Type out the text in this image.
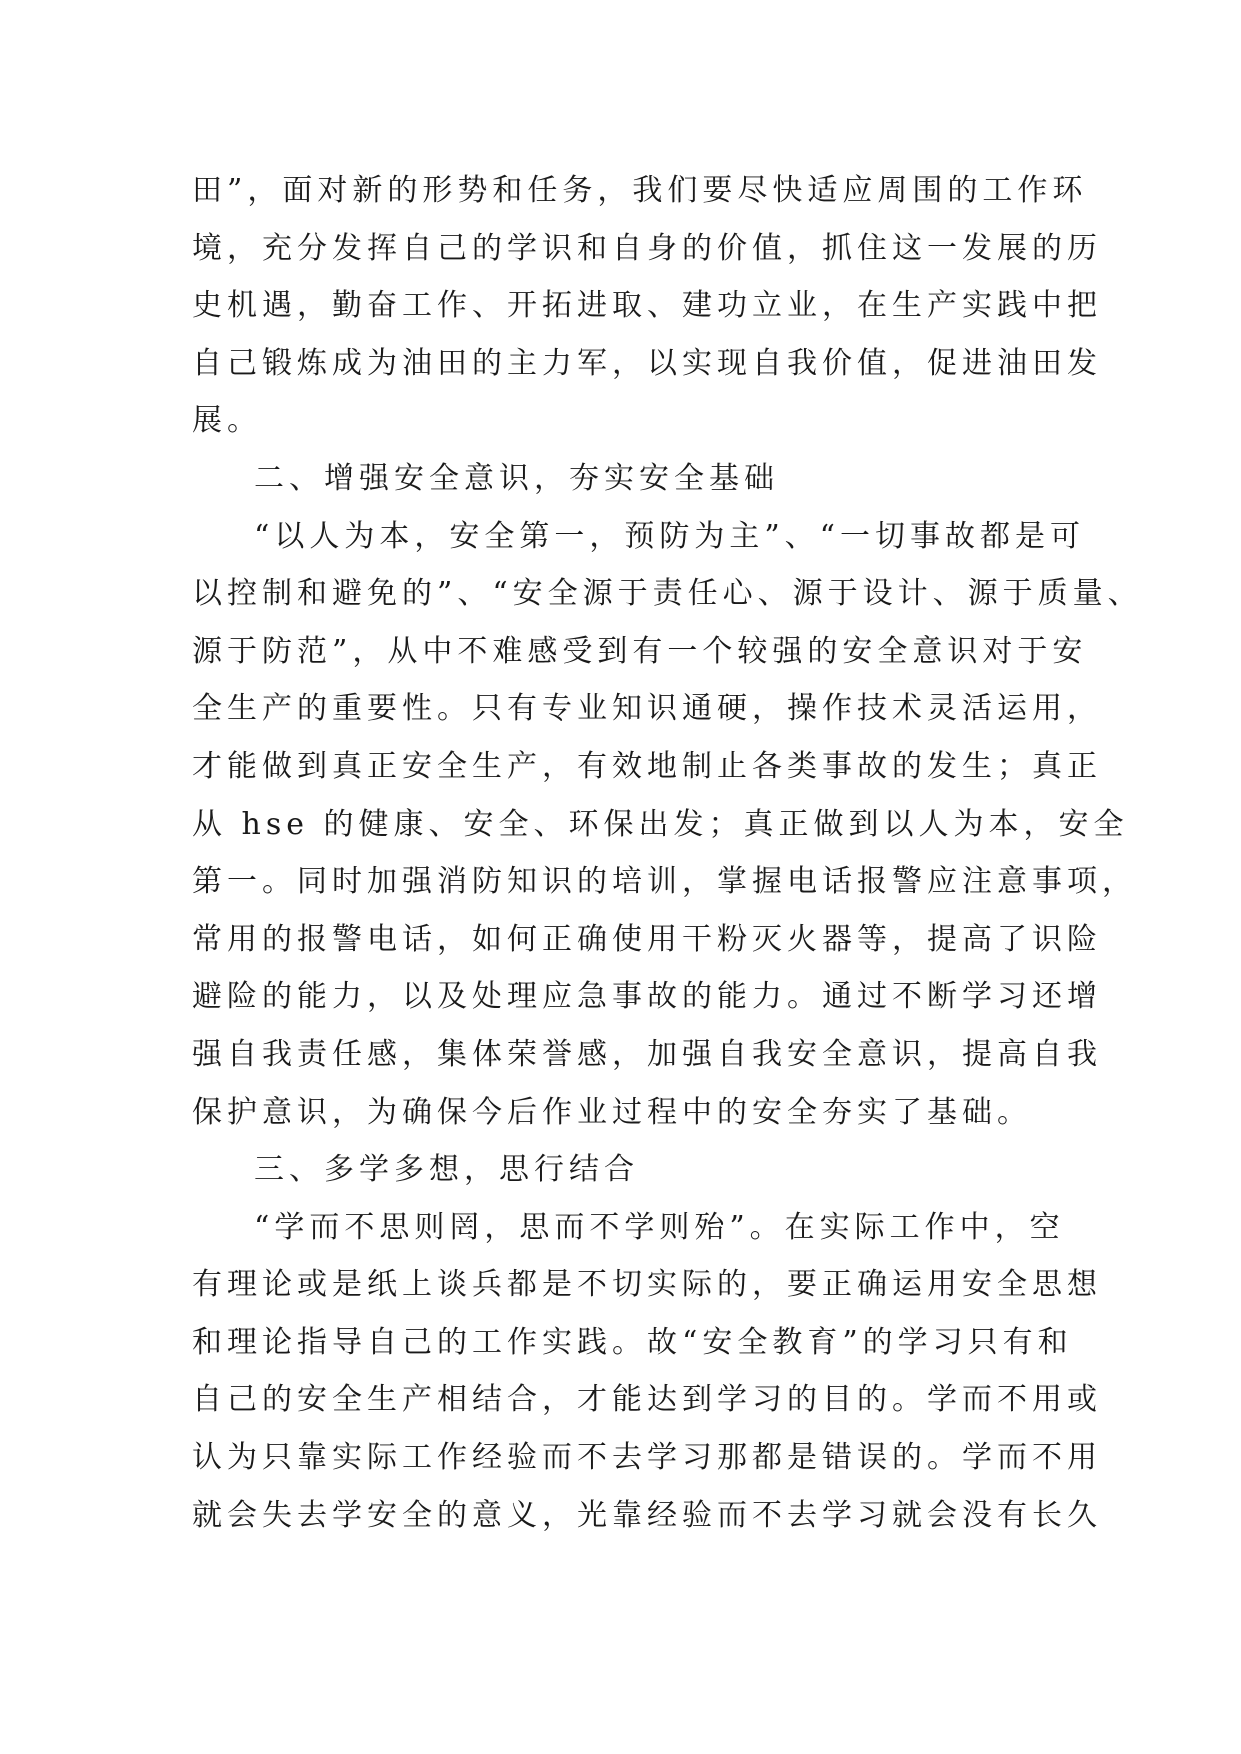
田”，面对新的形势和任务，我们要尽快适应周围的工作环
境，充分发挥自己的学识和自身的价值，抓住这一发展的历
史机遇，勤奋工作、开拓进取、建功立业，在生产实践中把
自己锻炼成为油田的主力军，以实现自我价值，促进油田发
展。
二、增强安全意识，夯实安全基础
“以人为本，安全第一，预防为主”、“一切事故都是可
以控制和避免的”、“安全源于责任心、源于设计、源于质量、
源于防范”，从中不难感受到有一个较强的安全意识对于安
全生产的重要性。只有专业知识通硬，操作技术灵活运用，
才能做到真正安全生产，有效地制止各类事故的发生；真正
从 hse 的健康、安全、环保出发；真正做到以人为本，安全
第一。同时加强消防知识的培训，掌握电话报警应注意事项，
常用的报警电话，如何正确使用干粉灭火器等，提高了识险
避险的能力，以及处理应急事故的能力。通过不断学习还增
强自我责任感，集体荣誉感，加强自我安全意识，提高自我
保护意识，为确保今后作业过程中的安全夯实了基础。
三、多学多想，思行结合
“学而不思则罔，思而不学则殆”。在实际工作中，空
有理论或是纸上谈兵都是不切实际的，要正确运用安全思想
和理论指导自己的工作实践。故“安全教育”的学习只有和
自己的安全生产相结合，才能达到学习的目的。学而不用或
认为只靠实际工作经验而不去学习那都是错误的。学而不用
就会失去学安全的意义，光靠经验而不去学习就会没有长久
